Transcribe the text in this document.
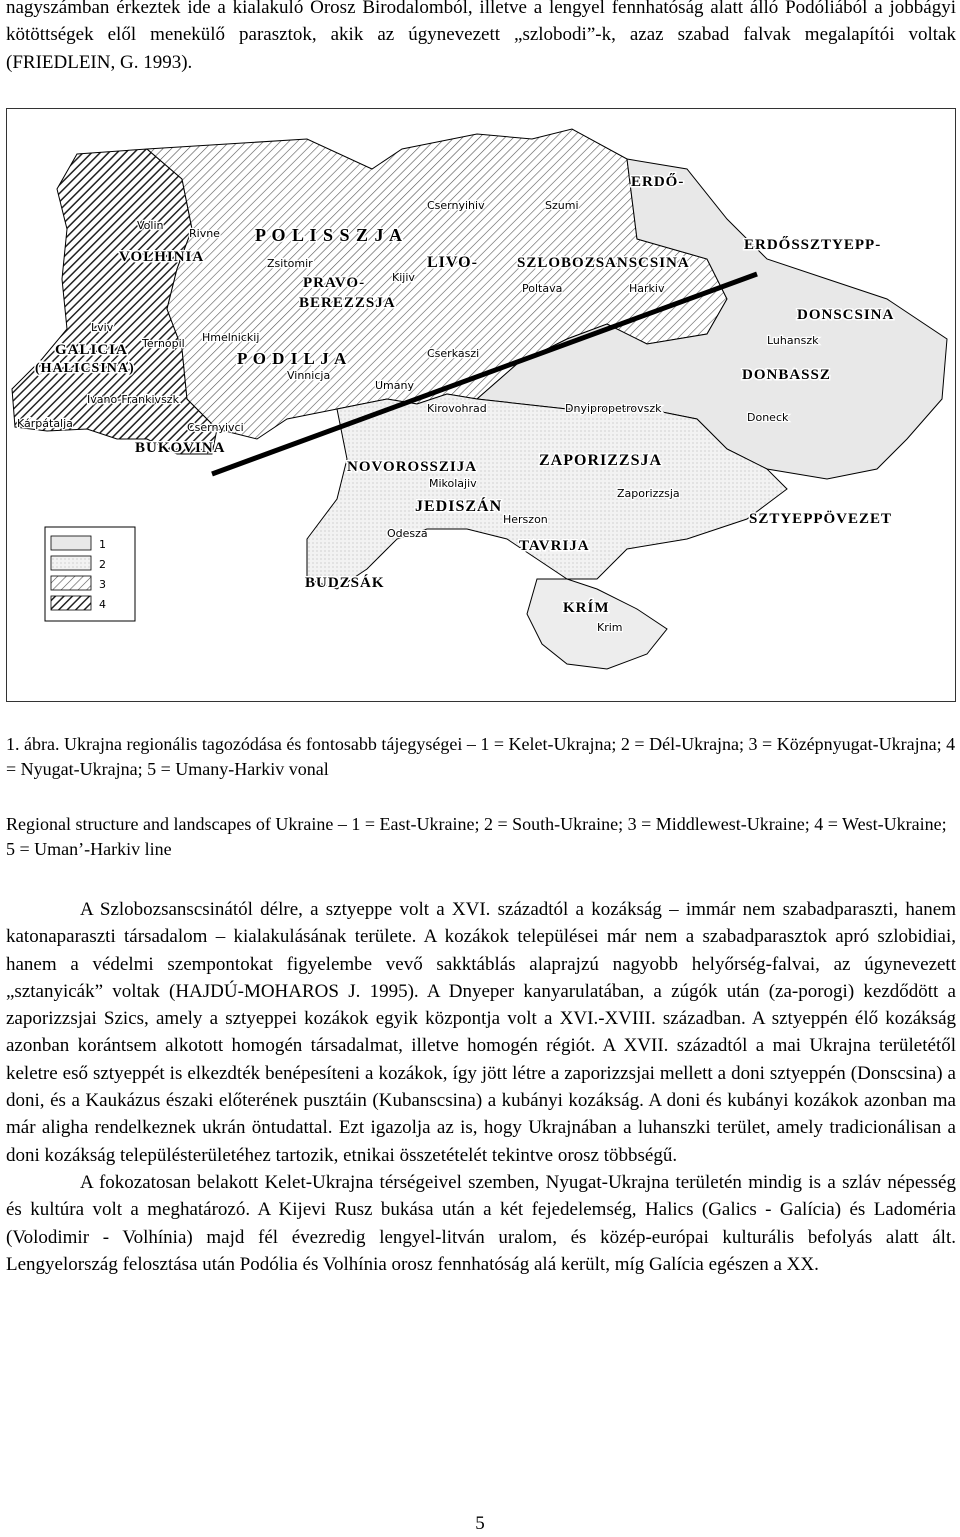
nagyszámban érkeztek ide a kialakuló Orosz Birodalomból, illetve a lengyel fennhatóság alatt álló Podóliából a jobbágyi kötöttségek elől menekülő parasztok, akik az úgynevezett „szlobodi”-k, azaz szabad falvak megalapítói voltak (FRIEDLEIN, G. 1993).

P O L I S S Z J A
VOLHINIA
GALICIA
(HALICSINA)
BUKOVINA
PRAVO-
BEREZZSJA
P O D I L J A
LIVO-	SZLOBOZSANSCSINA
DONSCSINA
DONBASSZ
NOVOROSSZIJA
JEDISZÁN
ZAPORIZZSJA
TAVRIJA
BUDZSÁK
KRÍM
ERDŐ-
ERDŐSSZTYEPP-
SZTYEPPÖVEZET
Volin
Rivne
Zsitomir
Kijiv
Csernyihiv	Szumi
Poltava	Harkiv
Lviv
Ternopil Hmelnickij
Vinnicja
Cserkaszi
Umany
Ivano-Frankivszk
Kárpátalja	Csernyivci
Kirovohrad	Dnyipropetrovszk
Doneck
Luhanszk
Zaporizzsja
Mikolajiv
Herszon
Odesza
Krim
1
2
3
4

1. ábra. Ukrajna regionális tagozódása és fontosabb tájegységei – 1 = Kelet-Ukrajna; 2 = Dél-Ukrajna; 3 = Középnyugat-Ukrajna; 4 = Nyugat-Ukrajna; 5 = Umany-Harkiv vonal

Regional structure and landscapes of Ukraine – 1 = East-Ukraine; 2 = South-Ukraine; 3 = Middlewest-Ukraine; 4 = West-Ukraine; 5 = Uman’-Harkiv line

A Szlobozsanscsinától délre, a sztyeppe volt a XVI. századtól a kozákság – immár nem szabadparaszti, hanem katonaparaszti társadalom – kialakulásának területe. A kozákok települései már nem a szabadparasztok apró szlobidiai, hanem a védelmi szempontokat figyelembe vevő sakktáblás alaprajzú nagyobb helyőrség-falvai, az úgynevezett „sztanyicák” voltak (HAJDÚ-MOHAROS J. 1995). A Dnyeper kanyarulatában, a zúgók után (za-porogi) kezdődött a zaporizzsjai Szics, amely a sztyeppei kozákok egyik központja volt a XVI.-XVIII. században. A sztyeppén élő kozákság azonban korántsem alkotott homogén társadalmat, illetve homogén régiót. A XVII. századtól a mai Ukrajna területétől keletre eső sztyeppét is elkezdték benépesíteni a kozákok, így jött létre a zaporizzsjai mellett a doni sztyeppén (Donscsina) a doni, és a Kaukázus északi előterének pusztáin (Kubanscsina) a kubányi kozákság. A doni és kubányi kozákok azonban ma már aligha rendelkeznek ukrán öntudattal. Ezt igazolja az is, hogy Ukrajnában a luhanszki terület, amely tradicionálisan a doni kozákság településterületéhez tartozik, etnikai összetételét tekintve orosz többségű.

A fokozatosan belakott Kelet-Ukrajna térségeivel szemben, Nyugat-Ukrajna területén mindig is a szláv népesség és kultúra volt a meghatározó. A Kijevi Rusz bukása után a két fejedelemség, Halics (Galics - Galícia) és Ladoméria (Volodimir - Volhínia) majd fél évezredig lengyel-litván uralom, és közép-európai kulturális befolyás alatt ált. Lengyelország felosztása után Podólia és Volhínia orosz fennhatóság alá került, míg Galícia egészen a XX.

5
